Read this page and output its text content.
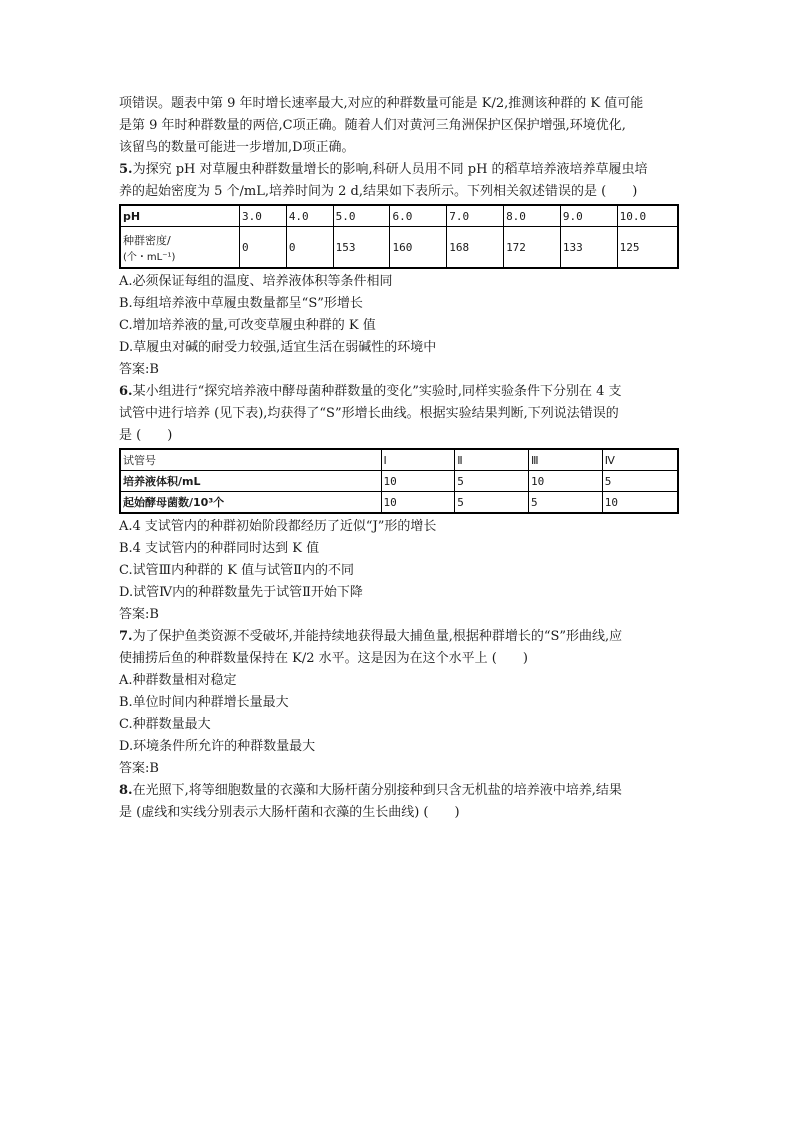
项错误。题表中第 9 年时增长速率最大,对应的种群数量可能是 K/2,推测该种群的 K 值可能

是第 9 年时种群数量的两倍,C项正确。随着人们对黄河三角洲保护区保护增强,环境优化,

该留鸟的数量可能进一步增加,D项正确。

5.为探究 pH 对草履虫种群数量增长的影响,科研人员用不同 pH 的稻草培养液培养草履虫培

养的起始密度为 5 个/mL,培养时间为 2 d,结果如下表所示。下列相关叙述错误的是 (　　)

pH	3.0	4.0	5.0	6.0	7.0	8.0	9.0	10.0

种群密度/
(个・mL⁻¹)	0	0	153	160	168	172	133	125

A.必须保证每组的温度、培养液体积等条件相同

B.每组培养液中草履虫数量都呈“S”形增长

C.增加培养液的量,可改变草履虫种群的 K 值

D.草履虫对碱的耐受力较强,适宜生活在弱碱性的环境中

答案:B

6.某小组进行“探究培养液中酵母菌种群数量的变化”实验时,同样实验条件下分别在 4 支

试管中进行培养 (见下表),均获得了“S”形增长曲线。根据实验结果判断,下列说法错误的

是 (　　)

试管号	Ⅰ	Ⅱ	Ⅲ	Ⅳ
培养液体积/mL	10	5	10	5
起始酵母菌数/10³个	10	5	5	10

A.4 支试管内的种群初始阶段都经历了近似“J”形的增长

B.4 支试管内的种群同时达到 K 值

C.试管Ⅲ内种群的 K 值与试管Ⅱ内的不同

D.试管Ⅳ内的种群数量先于试管Ⅱ开始下降

答案:B

7.为了保护鱼类资源不受破坏,并能持续地获得最大捕鱼量,根据种群增长的“S”形曲线,应

使捕捞后鱼的种群数量保持在 K/2 水平。这是因为在这个水平上 (　　)

A.种群数量相对稳定

B.单位时间内种群增长量最大

C.种群数量最大

D.环境条件所允许的种群数量最大

答案:B

8.在光照下,将等细胞数量的衣藻和大肠杆菌分别接种到只含无机盐的培养液中培养,结果

是 (虚线和实线分别表示大肠杆菌和衣藻的生长曲线) (　　)
